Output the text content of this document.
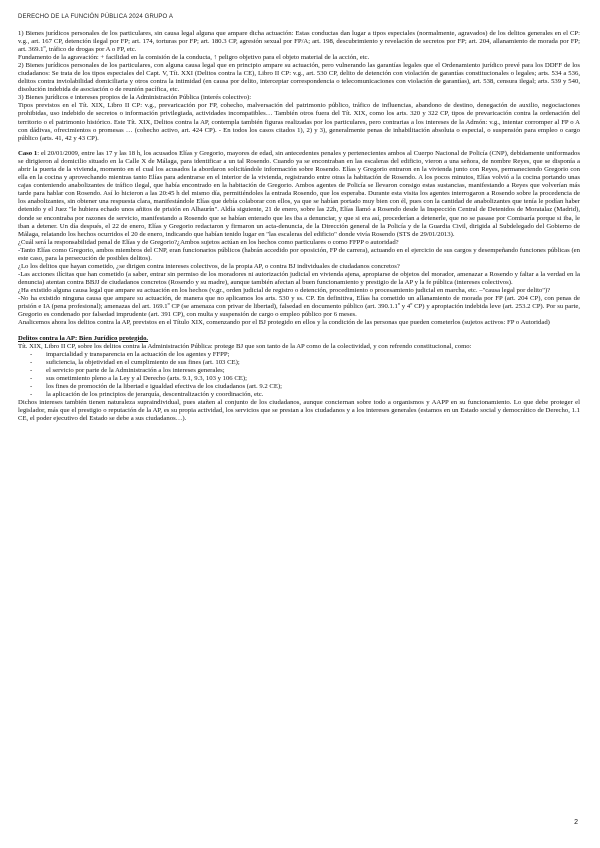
DERECHO DE LA FUNCIÓN PÚBLICA 2024 GRUPO A

1) Bienes jurídicos personales de los particulares, sin causa legal alguna que ampare dicha actuación: Estas conductas dan lugar a tipos especiales (normalmente, agravados) de los delitos generales en el CP: v.g., art. 167 CP, detención ilegal por FP; art. 174, torturas por FP; art. 180.3 CP, agresión sexual por FP/A; art. 198, descubrimiento y revelación de secretos por FP; art. 204, allanamiento de morada por FP; art. 369.1º, tráfico de drogas por A o FP, etc.

Fundamento de la agravación: + facilidad en la comisión de la conducta, ↑ peligro objetivo para el objeto material de la acción, etc.

2) Bienes jurídicos personales de los particulares, con alguna causa legal que en principio ampare su actuación, pero vulnerando las garantías legales que el Ordenamiento jurídico prevé para los DDFF de los ciudadanos: Se trata de los tipos especiales del Capt. V, Tít. XXI (Delitos contra la CE), Libro II CP: v.g., art. 530 CP, delito de detención con violación de garantías constitucionales o legales; arts. 534 a 536, delitos contra inviolabilidad domiciliaria y otros contra la intimidad (en causa por delito, interceptar correspondencia o telecomunicaciones con violación de garantías), art. 538, censura ilegal; arts. 539 y 540, disolución indebida de asociación o de reunión pacífica, etc.

3) Bienes jurídicos e intereses propios de la Administración Pública (interés colectivo):

Tipos previstos en el Tít. XIX, Libro II CP: v.g., prevaricación por FP, cohecho, malversación del patrimonio público, tráfico de influencias, abandono de destino, denegación de auxilio, negociaciones prohibidas, uso indebido de secretos o información privilegiada, actividades incompatibles… También otros fuera del Tít. XIX, como los arts. 320 y 322 CP, tipos de prevaricación contra la ordenación del territorio o el patrimonio histórico. Este Tít. XIX, Delitos contra la AP, contempla también figuras realizadas por los particulares, pero contrarias a los intereses de la Admón: v.g., intentar corromper al FP o A con dádivas, ofrecimientos o promesas … (cohecho activo, art. 424 CP). - En todos los casos citados 1), 2) y 3), generalmente penas de inhabilitación absoluta o especial, o suspensión para empleo o cargo público (arts. 41, 42 y 43 CP).

Caso 1: el 20/01/2009, entre las 17 y las 18 h, los acusados Elías y Gregorio, mayores de edad, sin antecedentes penales y pertenecientes ambos al Cuerpo Nacional de Policía (CNP), debidamente uniformados se dirigieron al domicilio situado en la Calle X de Málaga, para identificar a un tal Rosendo. Cuando ya se encontraban en las escaleras del edificio, vieron a una señora, de nombre Reyes, que se disponía a abrir la puerta de la vivienda, momento en el cual los acusados la abordaron solicitándole información sobre Rosendo. Elías y Gregorio entraron en la vivienda junto con Reyes, permaneciendo Gregorio con ella en la cocina y aprovechando mientras tanto Elías para adentrarse en el interior de la vivienda, registrando entre otras la habitación de Rosendo. A los pocos minutos, Elías volvió a la cocina portando unas cajas conteniendo anabolizantes de tráfico ilegal, que había encontrado en la habitación de Gregorio. Ambos agentes de Policía se llevaron consigo estas sustancias, manifestando a Reyes que volverían más tarde para hablar con Rosendo. Así lo hicieron a las 20:45 h del mismo día, permitiéndoles la entrada Rosendo, que los esperaba. Durante esta visita los agentes interrogaron a Rosendo sobre la procedencia de los anabolizantes, sin obtener una respuesta clara, manifestándole Elías que debía colaborar con ellos, ya que se habían portado muy bien con él, pues con la cantidad de anabolizantes que tenía le podían haber detenido y el Juez "le hubiera echado unos añitos de prisión en Alhaurín". Aldía siguiente, 21 de enero, sobre las 22h, Elías llamó a Rosendo desde la Inspección Central de Detenidos de Moratalaz (Madrid), donde se encontraba por razones de servicio, manifestando a Rosendo que se habían enterado que les iba a denunciar, y que si era así, procederían a detenerle, que no se pasase por Comisaría porque si iba, le iban a detener. Un día después, el 22 de enero, Elías y Gregorio redactaron y firmaron un acta-denuncia, de la Dirección general de la Policía y de la Guardia Civil, dirigida al Subdelegado del Gobierno de Málaga, relatando los hechos ocurridos el 20 de enero, indicando que habían tenido lugar en "las escaleras del edificio" donde vivía Rosendo (STS de 29/01/2013).

¿Cuál será la responsabilidad penal de Elías y de Gregorio?¿Ambos sujetos actúan en los hechos como particulares o como FFPP o autoridad?

-Tanto Elías como Gregorio, ambos miembros del CNP, eran funcionarios públicos (habrán accedido por oposición, FP de carrera), actuando en el ejercicio de sus cargos y desempeñando funciones públicas (en este caso, para la persecución de posibles delitos).

¿Lo los delitos que hayan cometido, ¿se dirigen contra intereses colectivos, de la propia AP, o contra BJ individuales de ciudadanos concretos?

-Las acciones ilícitas que han cometido (a saber, entrar sin permiso de los moradores ni autorización judicial en vivienda ajena, apropiarse de objetos del morador, amenazar a Rosendo y faltar a la verdad en la denuncia) atentan contra BBJJ de ciudadanos concretos (Rosendo y su madre), aunque también afectan al buen funcionamiento y prestigio de la AP y la fe pública (intereses colectivos).

¿Ha existido alguna causa legal que ampare su actuación en los hechos (v.gr., orden judicial de registro o detención, procedimiento o procesamiento judicial en marcha, etc. –"causa legal por delito")?

-No ha existido ninguna causa que ampare su actuación, de manera que no aplicamos los arts. 530 y ss. CP. En definitiva, Elías ha cometido un allanamiento de morada por FP (art. 204 CP), con penas de prisión e IA (pena profesional); amenazas del art. 169.1º CP (se amenaza con privar de libertad), falsedad en documento público (art. 390.1.1º y 4º CP) y apropiación indebida leve (art. 253.2 CP). Por su parte, Gregorio es condenado por falsedad imprudente (art. 391 CP), con multa y suspensión de cargo o empleo público por 6 meses.

Analicemos ahora los delitos contra la AP, previstos en el Título XIX, comenzando por el BJ protegido en ellos y la condición de las personas que pueden cometerlos (sujetos activos: FP o Autoridad)

Delitos contra la AP: Bien Jurídico protegido.

Tít. XIX, Libro II CP, sobre los delitos contra la Administración Pública: protege BJ que son tanto de la AP como de la colectividad, y con refrendo constitucional, como:

- imparcialidad y transparencia en la actuación de los agentes y FFPP;
- suficiencia, la objetividad en el cumplimiento de sus fines (art. 103 CE);
- el servicio por parte de la Administración a los intereses generales;
- sus ometimiento pleno a la Ley y al Derecho (arts. 9.1, 9.3, 103 y 106 CE);
- los fines de promoción de la libertad e igualdad efectiva de los ciudadanos (art. 9.2 CE);
- la aplicación de los principios de jerarquía, descentralización y coordinación, etc.

Dichos intereses también tienen naturaleza supraindividual, pues atañen al conjunto de los ciudadanos, aunque conciernan sobre todo a organismos y AAPP en su funcionamiento. Lo que debe proteger el legislador, más que el prestigio o reputación de la AP, es su propia actividad, los servicios que se prestan a los ciudadanos y a los intereses generales (estamos en un Estado social y democrático de Derecho, 1.1 CE, el poder ejecutivo del Estado se debe a sus ciudadanos…).

2
